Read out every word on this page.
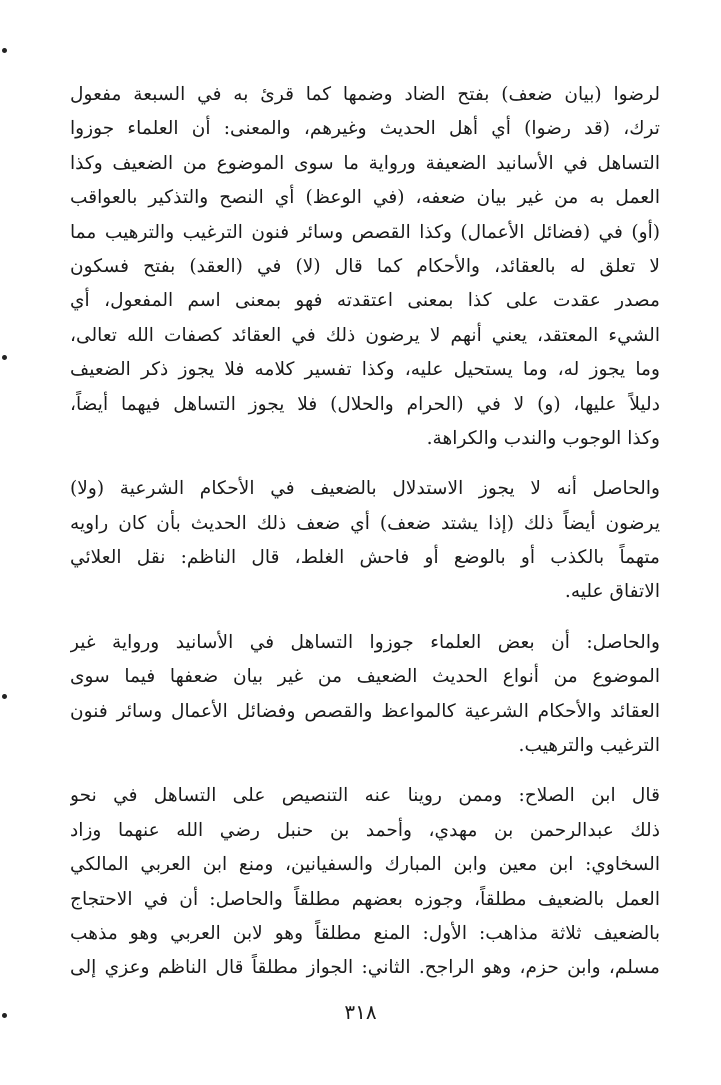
لرضوا (بيان ضعف) بفتح الضاد وضمها كما قرئ به في السبعة مفعول
ترك، (قد رضوا) أي أهل الحديث وغيرهم، والمعنى: أن العلماء جوزوا
التساهل في الأسانيد الضعيفة ورواية ما سوى الموضوع من الضعيف وكذا
العمل به من غير بيان ضعفه، (في الوعظ) أي النصح والتذكير بالعواقب
(أو) في (فضائل الأعمال) وكذا القصص وسائر فنون الترغيب والترهيب مما
لا تعلق له بالعقائد، والأحكام كما قال (لا) في (العقد) بفتح فسكون
مصدر عقدت على كذا بمعنى اعتقدته فهو بمعنى اسم المفعول، أي
الشيء المعتقد، يعني أنهم لا يرضون ذلك في العقائد كصفات الله تعالى،
وما يجوز له، وما يستحيل عليه، وكذا تفسير كلامه فلا يجوز ذكر الضعيف
دليلاً عليها، (و) لا في (الحرام والحلال) فلا يجوز التساهل فيهما أيضاً،
وكذا الوجوب والندب والكراهة.
والحاصل أنه لا يجوز الاستدلال بالضعيف في الأحكام الشرعية (ولا)
يرضون أيضاً ذلك (إذا يشتد ضعف) أي ضعف ذلك الحديث بأن كان راويه
متهماً بالكذب أو بالوضع أو فاحش الغلط، قال الناظم: نقل العلائي
الاتفاق عليه.
والحاصل: أن بعض العلماء جوزوا التساهل في الأسانيد ورواية غير
الموضوع من أنواع الحديث الضعيف من غير بيان ضعفها فيما سوى
العقائد والأحكام الشرعية كالمواعظ والقصص وفضائل الأعمال وسائر فنون
الترغيب والترهيب.
قال ابن الصلاح: وممن روينا عنه التنصيص على التساهل في نحو
ذلك عبدالرحمن بن مهدي، وأحمد بن حنبل رضي الله عنهما وزاد
السخاوي: ابن معين وابن المبارك والسفيانين، ومنع ابن العربي المالكي
العمل بالضعيف مطلقاً، وجوزه بعضهم مطلقاً والحاصل: أن في الاحتجاج
بالضعيف ثلاثة مذاهب: الأول: المنع مطلقاً وهو لابن العربي وهو مذهب
مسلم، وابن حزم، وهو الراجح. الثاني: الجواز مطلقاً قال الناظم وعزي إلى
٣١٨
